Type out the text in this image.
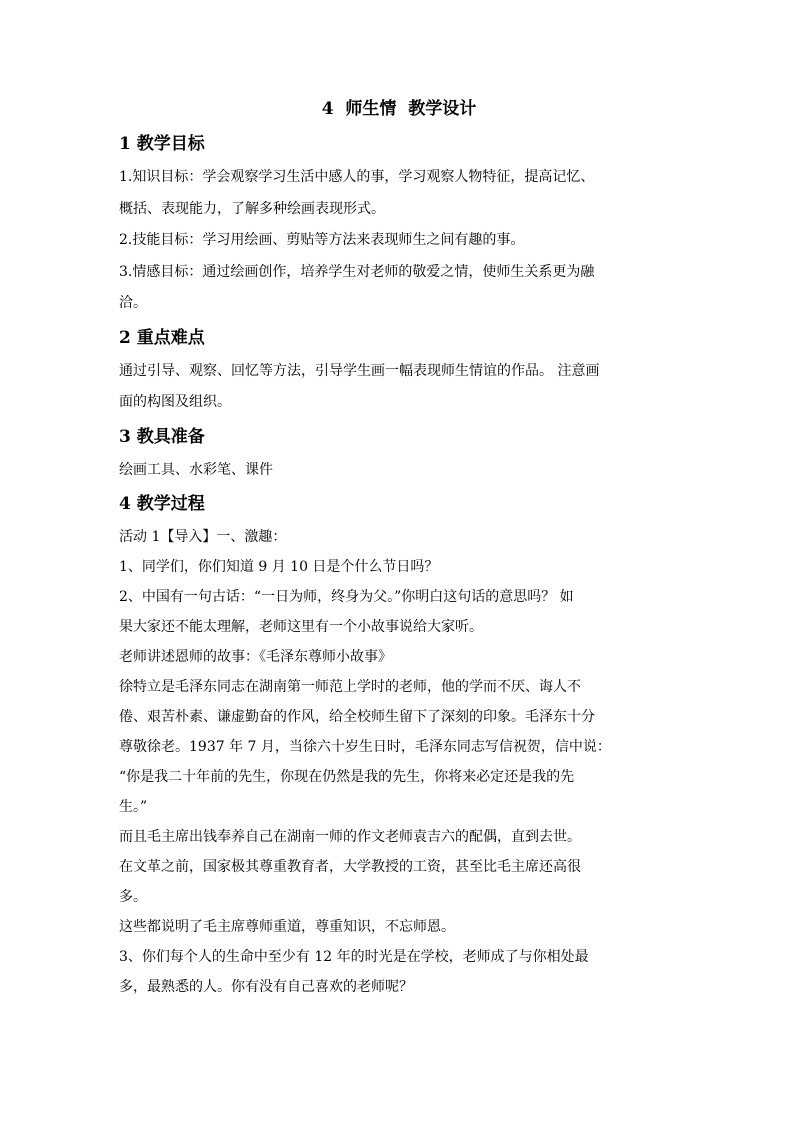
4  师生情  教学设计
1 教学目标

1.知识目标：学会观察学习生活中感人的事，学习观察人物特征，提高记忆、

概括、表现能力，了解多种绘画表现形式。

2.技能目标：学习用绘画、剪贴等方法来表现师生之间有趣的事。

3.情感目标：通过绘画创作，培养学生对老师的敬爱之情，使师生关系更为融

洽。

2 重点难点

通过引导、观察、回忆等方法，引导学生画一幅表现师生情谊的作品。 注意画

面的构图及组织。

3 教具准备

绘画工具、水彩笔、课件

4 教学过程

活动 1【导入】一、激趣：

1、同学们，你们知道 9 月 10 日是个什么节日吗？

2、中国有一句古话：“一日为师，终身为父。”你明白这句话的意思吗？ 如

果大家还不能太理解，老师这里有一个小故事说给大家听。

老师讲述恩师的故事：《毛泽东尊师小故事》

徐特立是毛泽东同志在湖南第一师范上学时的老师，他的学而不厌、诲人不

倦、艰苦朴素、谦虚勤奋的作风，给全校师生留下了深刻的印象。毛泽东十分

尊敬徐老。1937 年 7 月，当徐六十岁生日时，毛泽东同志写信祝贺，信中说：

“你是我二十年前的先生，你现在仍然是我的先生，你将来必定还是我的先

生。”

而且毛主席出钱奉养自己在湖南一师的作文老师袁吉六的配偶，直到去世。

在文革之前，国家极其尊重教育者，大学教授的工资，甚至比毛主席还高很

多。

这些都说明了毛主席尊师重道，尊重知识，不忘师恩。

3、你们每个人的生命中至少有 12 年的时光是在学校，老师成了与你相处最

多，最熟悉的人。你有没有自己喜欢的老师呢？
